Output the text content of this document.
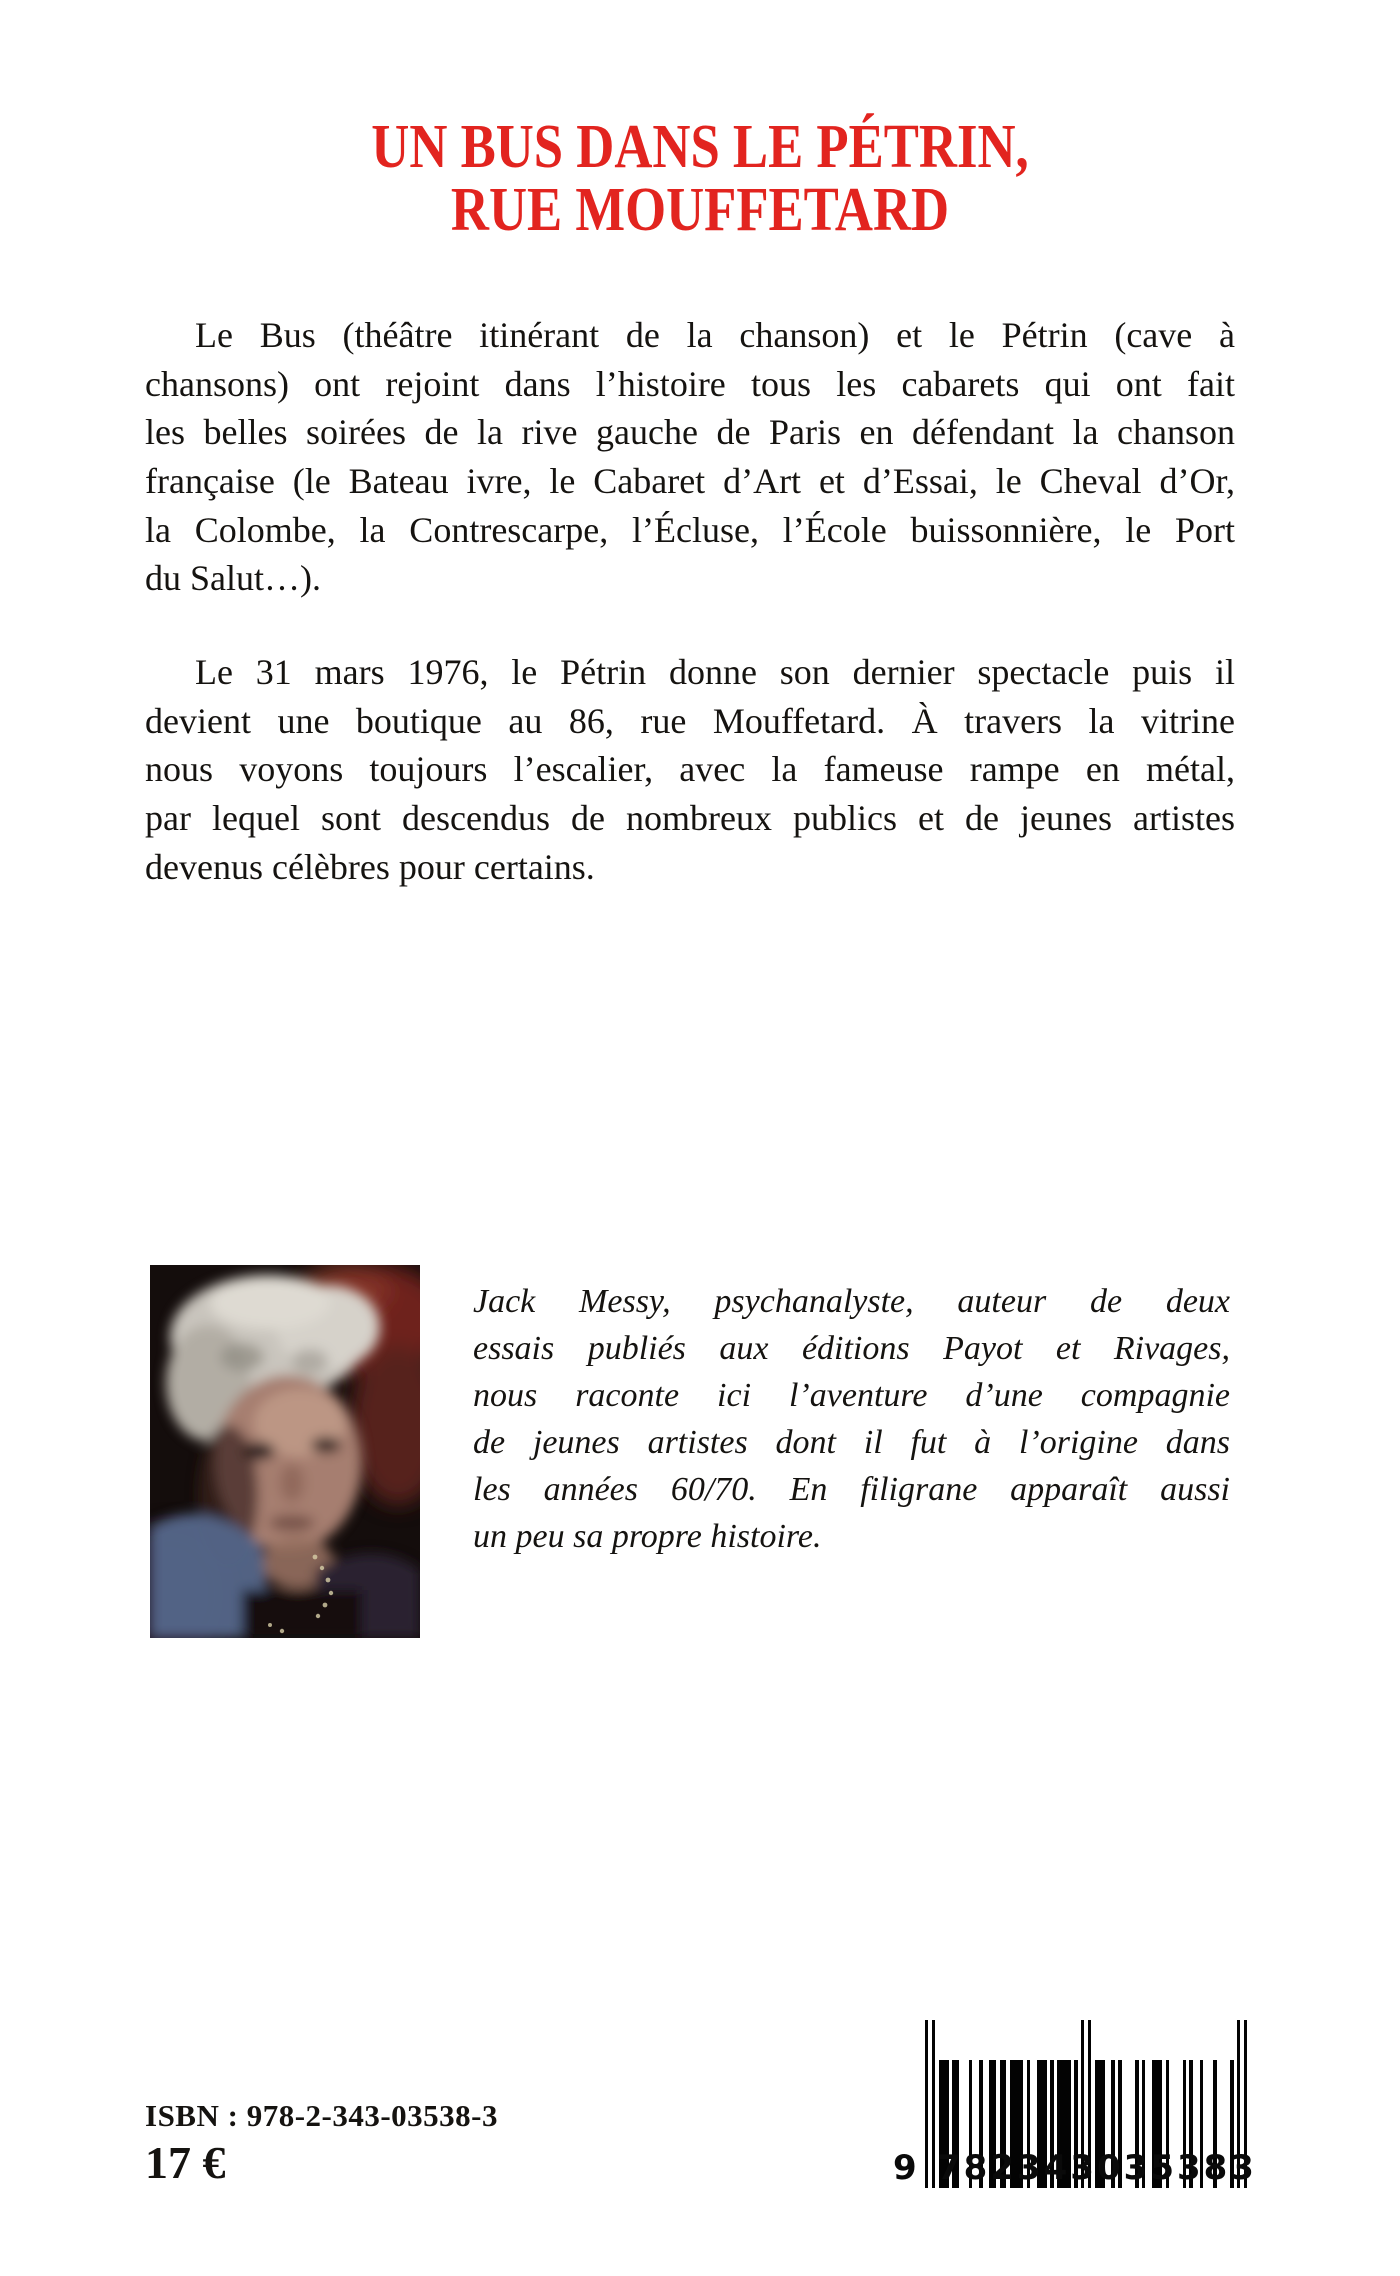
UN BUS DANS LE PÉTRIN,
RUE MOUFFETARD
Le Bus (théâtre itinérant de la chanson) et le Pétrin (cave à
chansons) ont rejoint dans l’histoire tous les cabarets qui ont fait
les belles soirées de la rive gauche de Paris en défendant la chanson
française (le Bateau ivre, le Cabaret d’Art et d’Essai, le Cheval d’Or,
la Colombe, la Contrescarpe, l’Écluse, l’École buissonnière, le Port
du Salut…).
Le 31 mars 1976, le Pétrin donne son dernier spectacle puis il
devient une boutique au 86, rue Mouffetard. À travers la vitrine
nous voyons toujours l’escalier, avec la fameuse rampe en métal,
par lequel sont descendus de nombreux publics et de jeunes artistes
devenus célèbres pour certains.
Jack Messy, psychanalyste, auteur de deux
essais publiés aux éditions Payot et Rivages,
nous raconte ici l’aventure d’une compagnie
de jeunes artistes dont il fut à l’origine dans
les années 60/70. En filigrane apparaît aussi
un peu sa propre histoire.
ISBN : 978-2-343-03538-3
17 €	9 782343 035383
